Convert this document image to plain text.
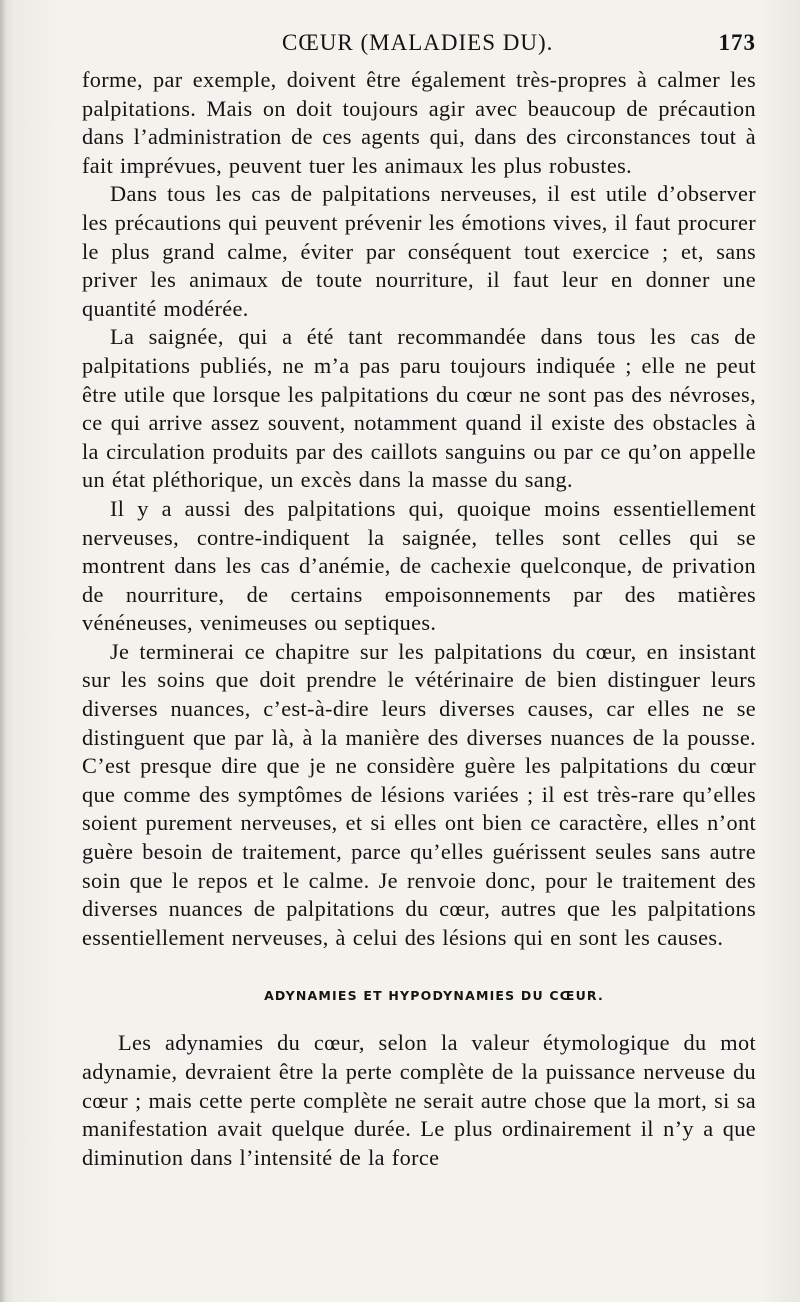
CŒUR (MALADIES DU).	173

forme, par exemple, doivent être également très-propres à calmer les palpitations. Mais on doit toujours agir avec beaucoup de précaution dans l’administration de ces agents qui, dans des circonstances tout à fait imprévues, peuvent tuer les animaux les plus robustes.

Dans tous les cas de palpitations nerveuses, il est utile d’observer les précautions qui peuvent prévenir les émotions vives, il faut procurer le plus grand calme, éviter par conséquent tout exercice ; et, sans priver les animaux de toute nourriture, il faut leur en donner une quantité modérée.

La saignée, qui a été tant recommandée dans tous les cas de palpitations publiés, ne m’a pas paru toujours indiquée ; elle ne peut être utile que lorsque les palpitations du cœur ne sont pas des névroses, ce qui arrive assez souvent, notamment quand il existe des obstacles à la circulation produits par des caillots sanguins ou par ce qu’on appelle un état pléthorique, un excès dans la masse du sang.

Il y a aussi des palpitations qui, quoique moins essentiellement nerveuses, contre-indiquent la saignée, telles sont celles qui se montrent dans les cas d’anémie, de cachexie quelconque, de privation de nourriture, de certains empoisonnements par des matières vénéneuses, venimeuses ou septiques.

Je terminerai ce chapitre sur les palpitations du cœur, en insistant sur les soins que doit prendre le vétérinaire de bien distinguer leurs diverses nuances, c’est-à-dire leurs diverses causes, car elles ne se distinguent que par là, à la manière des diverses nuances de la pousse. C’est presque dire que je ne considère guère les palpitations du cœur que comme des symptômes de lésions variées ; il est très-rare qu’elles soient purement nerveuses, et si elles ont bien ce caractère, elles n’ont guère besoin de traitement, parce qu’elles guérissent seules sans autre soin que le repos et le calme. Je renvoie donc, pour le traitement des diverses nuances de palpitations du cœur, autres que les palpitations essentiellement nerveuses, à celui des lésions qui en sont les causes.

ADYNAMIES ET HYPODYNAMIES DU CŒUR.

Les adynamies du cœur, selon la valeur étymologique du mot adynamie, devraient être la perte complète de la puissance nerveuse du cœur ; mais cette perte complète ne serait autre chose que la mort, si sa manifestation avait quelque durée. Le plus ordinairement il n’y a que diminution dans l’intensité de la force
